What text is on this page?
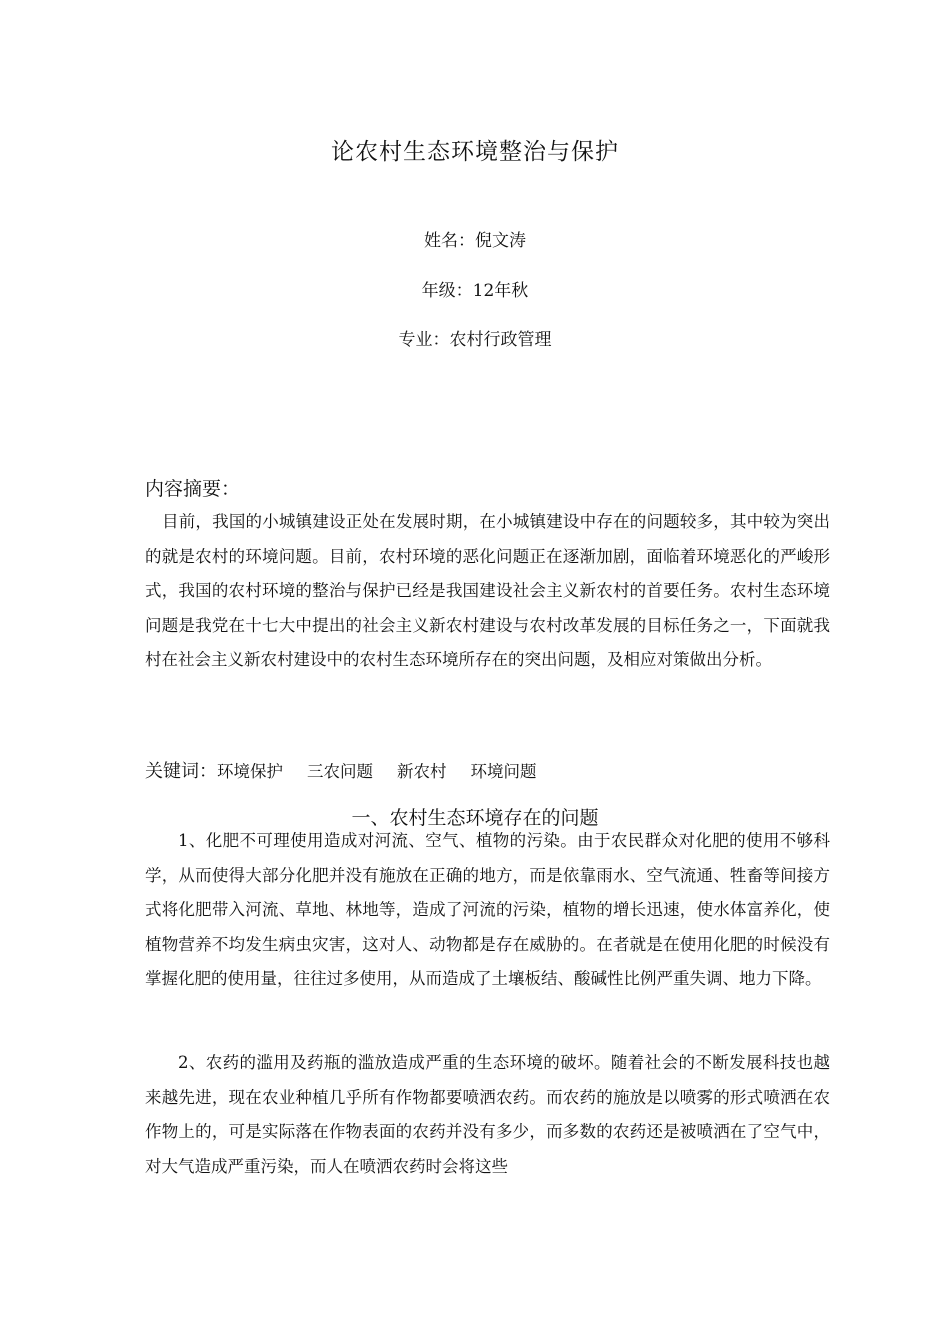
论农村生态环境整治与保护
姓名：倪文涛
年级：12年秋
专业：农村行政管理
内容摘要：

目前，我国的小城镇建设正处在发展时期，在小城镇建设中存在的问题较多，其中较为突出的就是农村的环境问题。目前，农村环境的恶化问题正在逐渐加剧，面临着环境恶化的严峻形式，我国的农村环境的整治与保护已经是我国建设社会主义新农村的首要任务。农村生态环境问题是我党在十七大中提出的社会主义新农村建设与农村改革发展的目标任务之一，下面就我村在社会主义新农村建设中的农村生态环境所存在的突出问题，及相应对策做出分析。

关键词：环境保护 三农问题 新农村 环境问题
一、农村生态环境存在的问题

1、化肥不可理使用造成对河流、空气、植物的污染。由于农民群众对化肥的使用不够科学，从而使得大部分化肥并没有施放在正确的地方，而是依靠雨水、空气流通、牲畜等间接方式将化肥带入河流、草地、林地等，造成了河流的污染，植物的增长迅速，使水体富养化，使植物营养不均发生病虫灾害，这对人、动物都是存在威胁的。在者就是在使用化肥的时候没有掌握化肥的使用量，往往过多使用，从而造成了土壤板结、酸碱性比例严重失调、地力下降。

2、农药的滥用及药瓶的滥放造成严重的生态环境的破坏。随着社会的不断发展科技也越来越先进，现在农业种植几乎所有作物都要喷洒农药。而农药的施放是以喷雾的形式喷洒在农作物上的，可是实际落在作物表面的农药并没有多少，而多数的农药还是被喷洒在了空气中，对大气造成严重污染，而人在喷洒农药时会将这些
